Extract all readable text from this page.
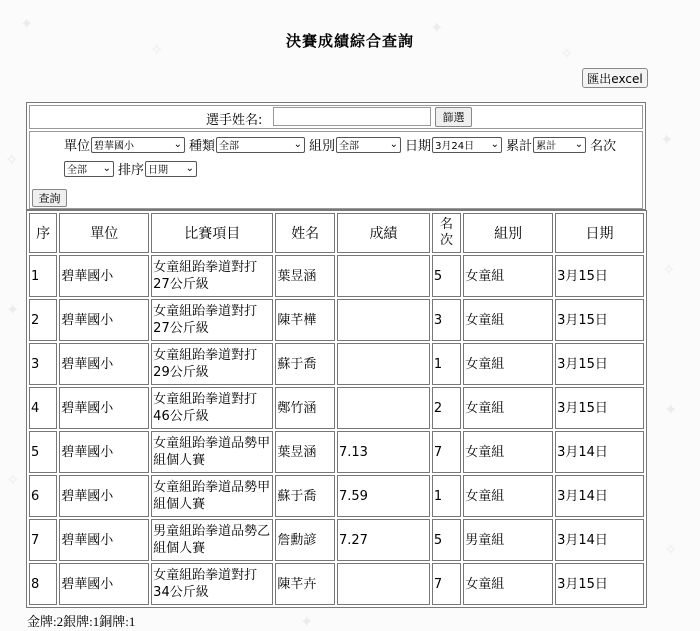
✦
✧
✦
✧
✦
✧
✧
✦
✦
✧
✧
✦
決賽成績綜合查詢
匯出excel
選手姓名:	篩選
單位 碧華國小	⌄ 種類 全部	⌄ 組別 全部	⌄ 日期 3月24日 ⌄ 累計 累計 ⌄ 名次
全部 ⌄ 排序 日期 ⌄
查詢
序	單位	比賽項目	姓名	成績	名次	組別	日期
1	碧華國小	女童組跆拳道對打27公斤級	葉昱涵		5	女童組	3月15日
2	碧華國小	女童組跆拳道對打27公斤級	陳芊樺		3	女童組	3月15日
3	碧華國小	女童組跆拳道對打29公斤級	蘇于喬		1	女童組	3月15日
4	碧華國小	女童組跆拳道對打46公斤級	鄭竹涵		2	女童組	3月15日
5	碧華國小	女童組跆拳道品勢甲組個人賽	葉昱涵	7.13	7	女童組	3月14日
6	碧華國小	女童組跆拳道品勢甲組個人賽	蘇于喬	7.59	1	女童組	3月14日
7	碧華國小	男童組跆拳道品勢乙組個人賽	詹勳諺	7.27	5	男童組	3月14日
8	碧華國小	女童組跆拳道對打34公斤級	陳芊卉		7	女童組	3月15日
金牌:2銀牌:1銅牌:1
